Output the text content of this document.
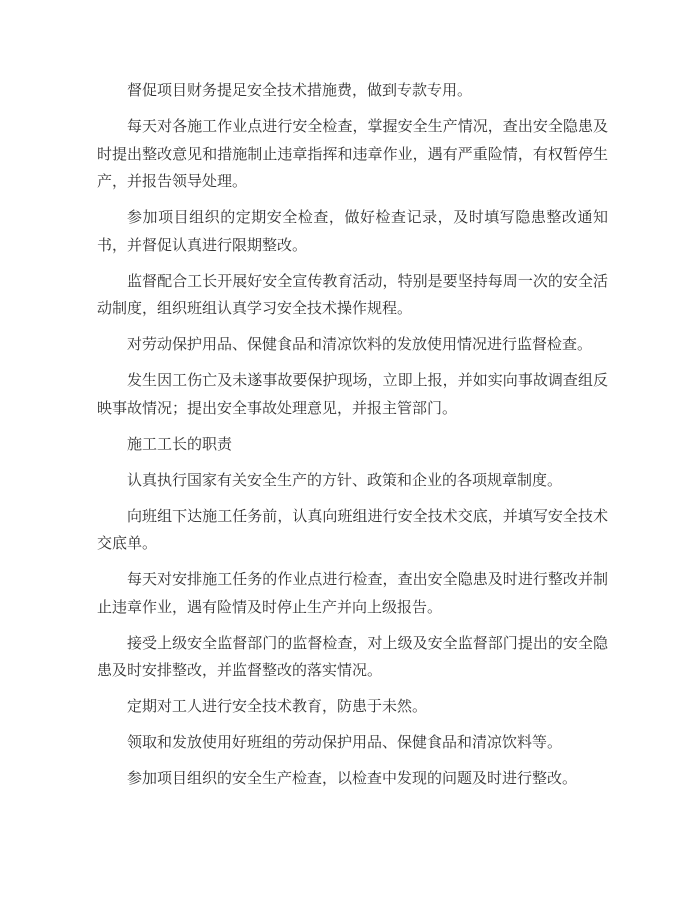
督促项目财务提足安全技术措施费，做到专款专用。

每天对各施工作业点进行安全检查，掌握安全生产情况，查出安全隐患及时提出整改意见和措施制止违章指挥和违章作业，遇有严重险情，有权暂停生产，并报告领导处理。

参加项目组织的定期安全检查，做好检查记录，及时填写隐患整改通知书，并督促认真进行限期整改。

监督配合工长开展好安全宣传教育活动，特别是要坚持每周一次的安全活动制度，组织班组认真学习安全技术操作规程。

对劳动保护用品、保健食品和清凉饮料的发放使用情况进行监督检查。

发生因工伤亡及未遂事故要保护现场，立即上报，并如实向事故调查组反映事故情况；提出安全事故处理意见，并报主管部门。

施工工长的职责

认真执行国家有关安全生产的方针、政策和企业的各项规章制度。

向班组下达施工任务前，认真向班组进行安全技术交底，并填写安全技术交底单。

每天对安排施工任务的作业点进行检查，查出安全隐患及时进行整改并制止违章作业，遇有险情及时停止生产并向上级报告。

接受上级安全监督部门的监督检查，对上级及安全监督部门提出的安全隐患及时安排整改，并监督整改的落实情况。

定期对工人进行安全技术教育，防患于未然。

领取和发放使用好班组的劳动保护用品、保健食品和清凉饮料等。

参加项目组织的安全生产检查，以检查中发现的问题及时进行整改。
